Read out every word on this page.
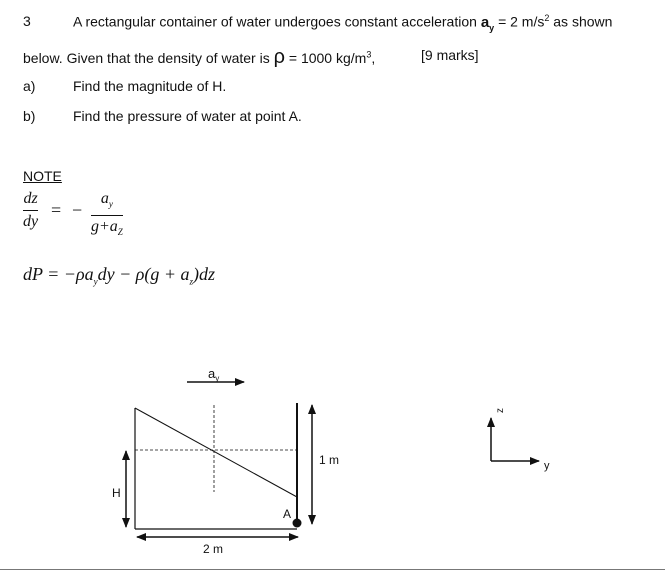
3	A rectangular container of water undergoes constant acceleration $a_y = 2$ $m/s^2$ as shown
below. Given that the density of water is ρ = 1000 $kg/m^3$,	[9 marks]
a)	Find the magnitude of H.
b)	Find the pressure of water at point A.
NOTE
dz
dy
= −
$a_y$
$g+a_Z$
dP = $-\rho a_ydy - \rho(g + a_z)dz$
$a_y$
H
1 m
2 m
A
z
y
